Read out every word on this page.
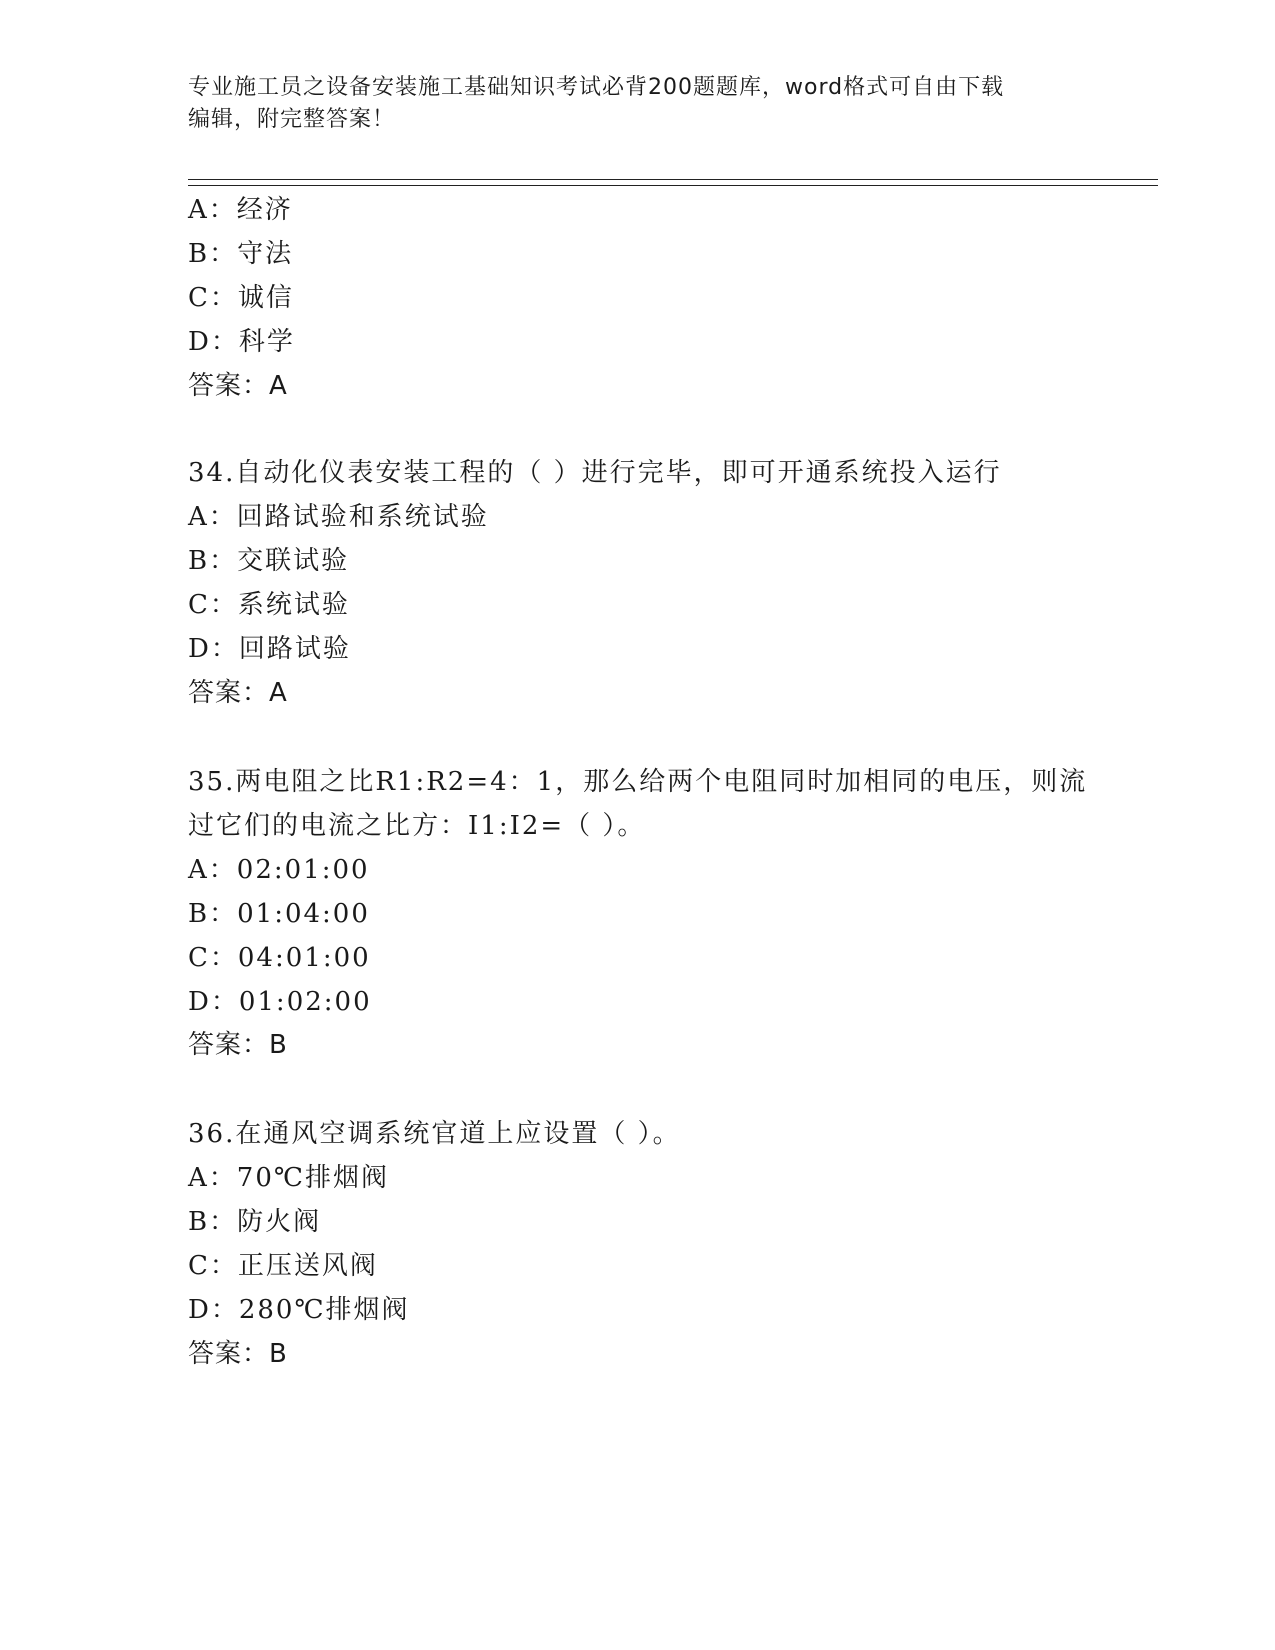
专业施工员之设备安装施工基础知识考试必背200题题库，word格式可自由下载
编辑，附完整答案！
A：经济
B：守法
C：诚信
D：科学
答案：A
34.自动化仪表安装工程的（ ）进行完毕，即可开通系统投入运行
A：回路试验和系统试验
B：交联试验
C：系统试验
D：回路试验
答案：A
35.两电阻之比R1:R2=4：1，那么给两个电阻同时加相同的电压，则流
过它们的电流之比方：I1:I2=（ ）。
A：02:01:00
B：01:04:00
C：04:01:00
D：01:02:00
答案：B
36.在通风空调系统官道上应设置（ ）。
A：70℃排烟阀
B：防火阀
C：正压送风阀
D：280℃排烟阀
答案：B
